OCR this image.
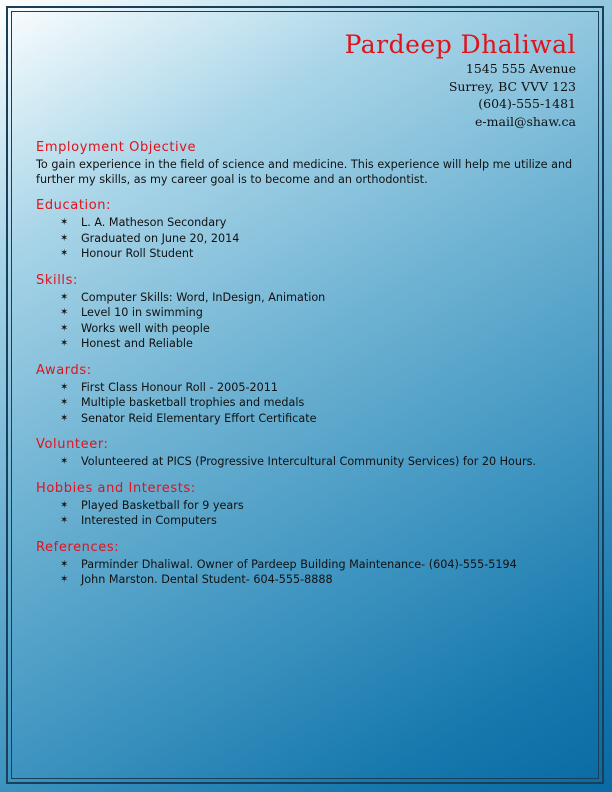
Pardeep Dhaliwal
1545 555 Avenue
Surrey, BC VVV 123
(604)-555-1481
e-mail@shaw.ca
Employment Objective

To gain experience in the field of science and medicine. This experience will help me utilize and further my skills, as my career goal is to become and an orthodontist.

Education:
✶ L. A. Matheson Secondary
✶ Graduated on June 20, 2014
✶ Honour Roll Student
Skills:
✶ Computer Skills: Word, InDesign, Animation
✶ Level 10 in swimming
✶ Works well with people
✶ Honest and Reliable
Awards:
✶ First Class Honour Roll - 2005-2011
✶ Multiple basketball trophies and medals
✶ Senator Reid Elementary Effort Certificate
Volunteer:
✶ Volunteered at PICS (Progressive Intercultural Community Services) for 20 Hours.
Hobbies and Interests:
✶ Played Basketball for 9 years
✶ Interested in Computers
References:
✶ Parminder Dhaliwal. Owner of Pardeep Building Maintenance- (604)-555-5194
✶ John Marston. Dental Student- 604-555-8888
